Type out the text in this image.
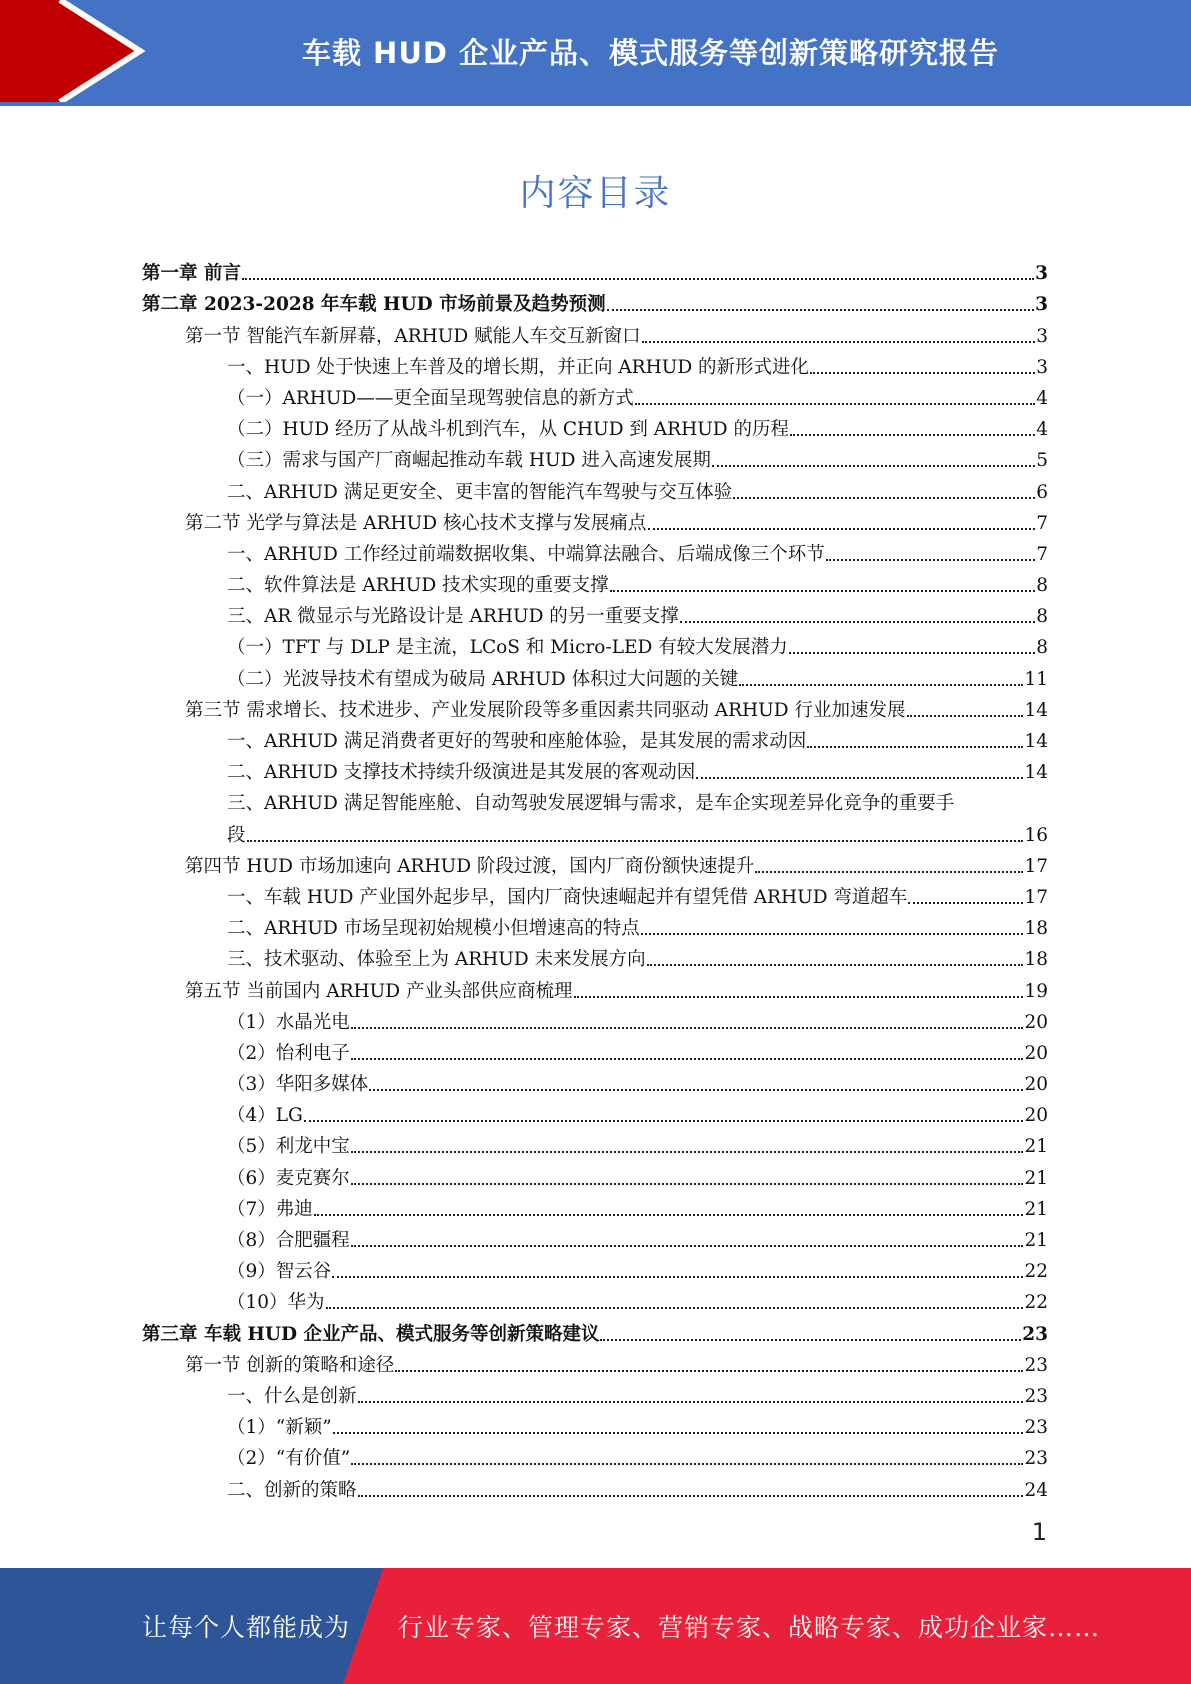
车载 HUD 企业产品、模式服务等创新策略研究报告
内容目录
第一章 前言	3
第二章 2023-2028 年车载 HUD 市场前景及趋势预测	3
第一节 智能汽车新屏幕，ARHUD 赋能人车交互新窗口	3
一、HUD 处于快速上车普及的增长期，并正向 ARHUD 的新形式进化	3
（一）ARHUD——更全面呈现驾驶信息的新方式	4
（二）HUD 经历了从战斗机到汽车，从 CHUD 到 ARHUD 的历程	4
（三）需求与国产厂商崛起推动车载 HUD 进入高速发展期	5
二、ARHUD 满足更安全、更丰富的智能汽车驾驶与交互体验	6
第二节 光学与算法是 ARHUD 核心技术支撑与发展痛点	7
一、ARHUD 工作经过前端数据收集、中端算法融合、后端成像三个环节	7
二、软件算法是 ARHUD 技术实现的重要支撑	8
三、AR 微显示与光路设计是 ARHUD 的另一重要支撑	8
（一）TFT 与 DLP 是主流，LCoS 和 Micro-LED 有较大发展潜力	8
（二）光波导技术有望成为破局 ARHUD 体积过大问题的关键	11
第三节 需求增长、技术进步、产业发展阶段等多重因素共同驱动 ARHUD 行业加速发展	14
一、ARHUD 满足消费者更好的驾驶和座舱体验，是其发展的需求动因	14
二、ARHUD 支撑技术持续升级演进是其发展的客观动因	14
三、ARHUD 满足智能座舱、自动驾驶发展逻辑与需求，是车企实现差异化竞争的重要手
段	16
第四节 HUD 市场加速向 ARHUD 阶段过渡，国内厂商份额快速提升	17
一、车载 HUD 产业国外起步早，国内厂商快速崛起并有望凭借 ARHUD 弯道超车	17
二、ARHUD 市场呈现初始规模小但增速高的特点	18
三、技术驱动、体验至上为 ARHUD 未来发展方向	18
第五节 当前国内 ARHUD 产业头部供应商梳理	19
（1）水晶光电	20
（2）怡利电子	20
（3）华阳多媒体	20
（4）LG	20
（5）利龙中宝	21
（6）麦克赛尔	21
（7）弗迪	21
（8）合肥疆程	21
（9）智云谷	22
（10）华为	22
第三章 车载 HUD 企业产品、模式服务等创新策略建议	23
第一节 创新的策略和途径	23
一、什么是创新	23
（1）“新颖”	23
（2）“有价值”	23
二、创新的策略	24
1
让每个人都能成为 行业专家、管理专家、营销专家、战略专家、成功企业家……
